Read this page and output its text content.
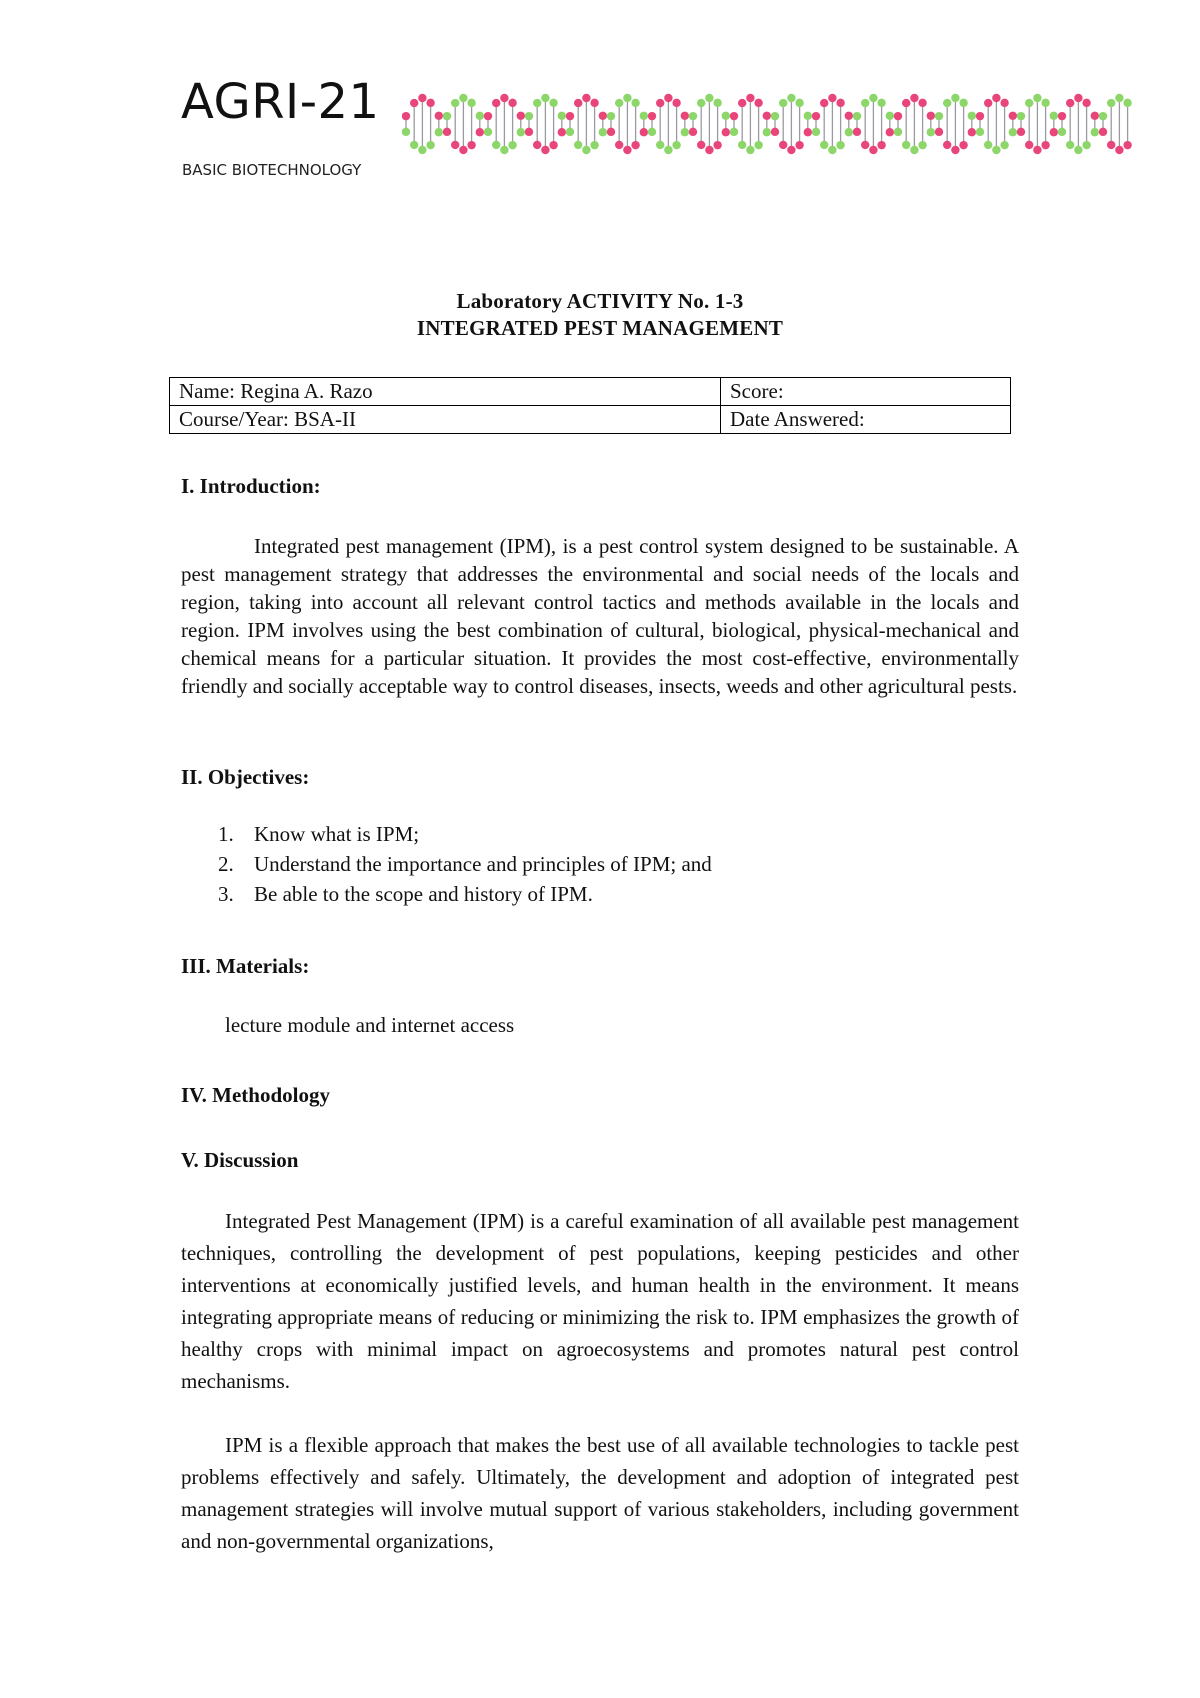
AGRI-21
BASIC BIOTECHNOLOGY
Laboratory ACTIVITY No. 1-3
INTEGRATED PEST MANAGEMENT
Name: Regina A. Razo	Score:
Course/Year: BSA-II	Date Answered:
I. Introduction:

Integrated pest management (IPM), is a pest control system designed to be sustainable. A pest management strategy that addresses the environmental and social needs of the locals and region, taking into account all relevant control tactics and methods available in the locals and region. IPM involves using the best combination of cultural, biological, physical-mechanical and chemical means for a particular situation. It provides the most cost-effective, environmentally friendly and socially acceptable way to control diseases, insects, weeds and other agricultural pests.

II. Objectives:
1. Know what is IPM;
2. Understand the importance and principles of IPM; and
3. Be able to the scope and history of IPM.
III. Materials:
lecture module and internet access
IV. Methodology
V. Discussion

Integrated Pest Management (IPM) is a careful examination of all available pest management techniques, controlling the development of pest populations, keeping pesticides and other interventions at economically justified levels, and human health in the environment. It means integrating appropriate means of reducing or minimizing the risk to. IPM emphasizes the growth of healthy crops with minimal impact on agroecosystems and promotes natural pest control mechanisms.

IPM is a flexible approach that makes the best use of all available technologies to tackle pest problems effectively and safely. Ultimately, the development and adoption of integrated pest management strategies will involve mutual support of various stakeholders, including government and non-governmental organizations,
